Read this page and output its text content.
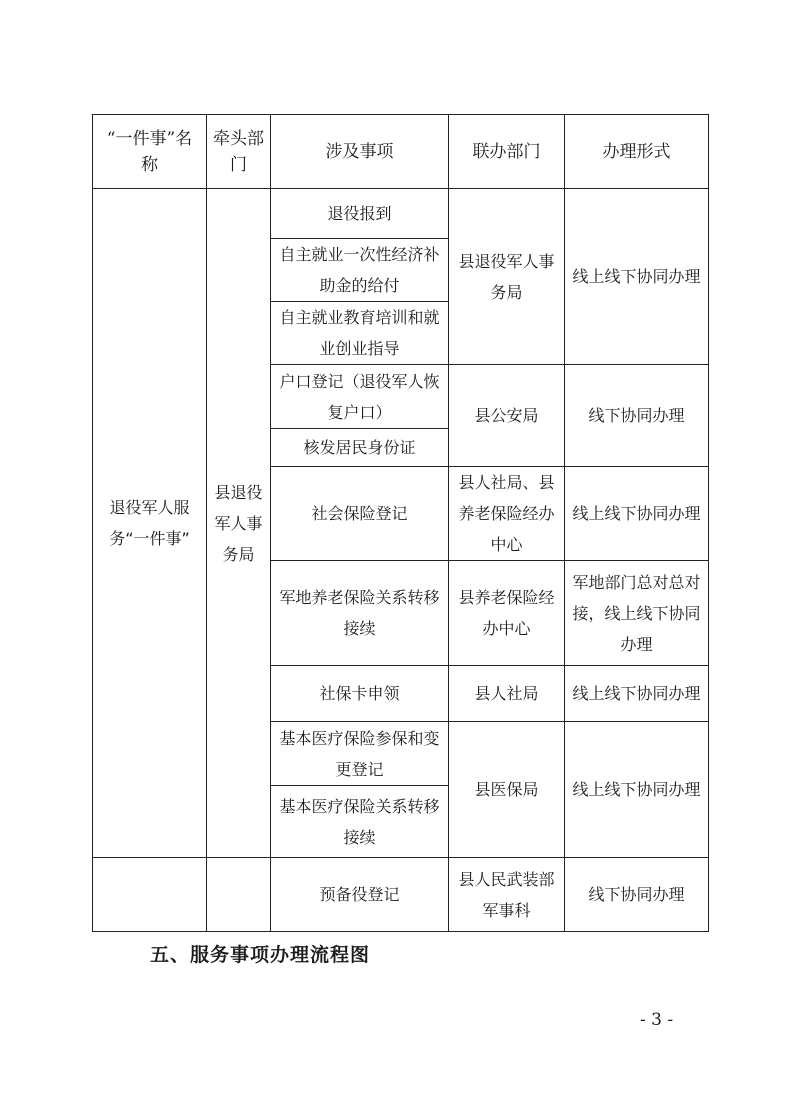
“一件事”名称	牵头部门	涉及事项	联办部门	办理形式
退役军人服务“一件事”	县退役军人事务局	退役报到	县退役军人事务局	线上线下协同办理
		自主就业一次性经济补助金的给付		
		自主就业教育培训和就业创业指导		
		户口登记（退役军人恢复户口）	县公安局	线下协同办理
		核发居民身份证		
		社会保险登记	县人社局、县养老保险经办中心	线上线下协同办理
		军地养老保险关系转移接续	县养老保险经办中心	军地部门总对总对接，线上线下协同办理
		社保卡申领	县人社局	线上线下协同办理
		基本医疗保险参保和变更登记	县医保局	线上线下协同办理
		基本医疗保险关系转移接续		
		预备役登记	县人民武装部军事科	线下协同办理
五、服务事项办理流程图
- 3 -
